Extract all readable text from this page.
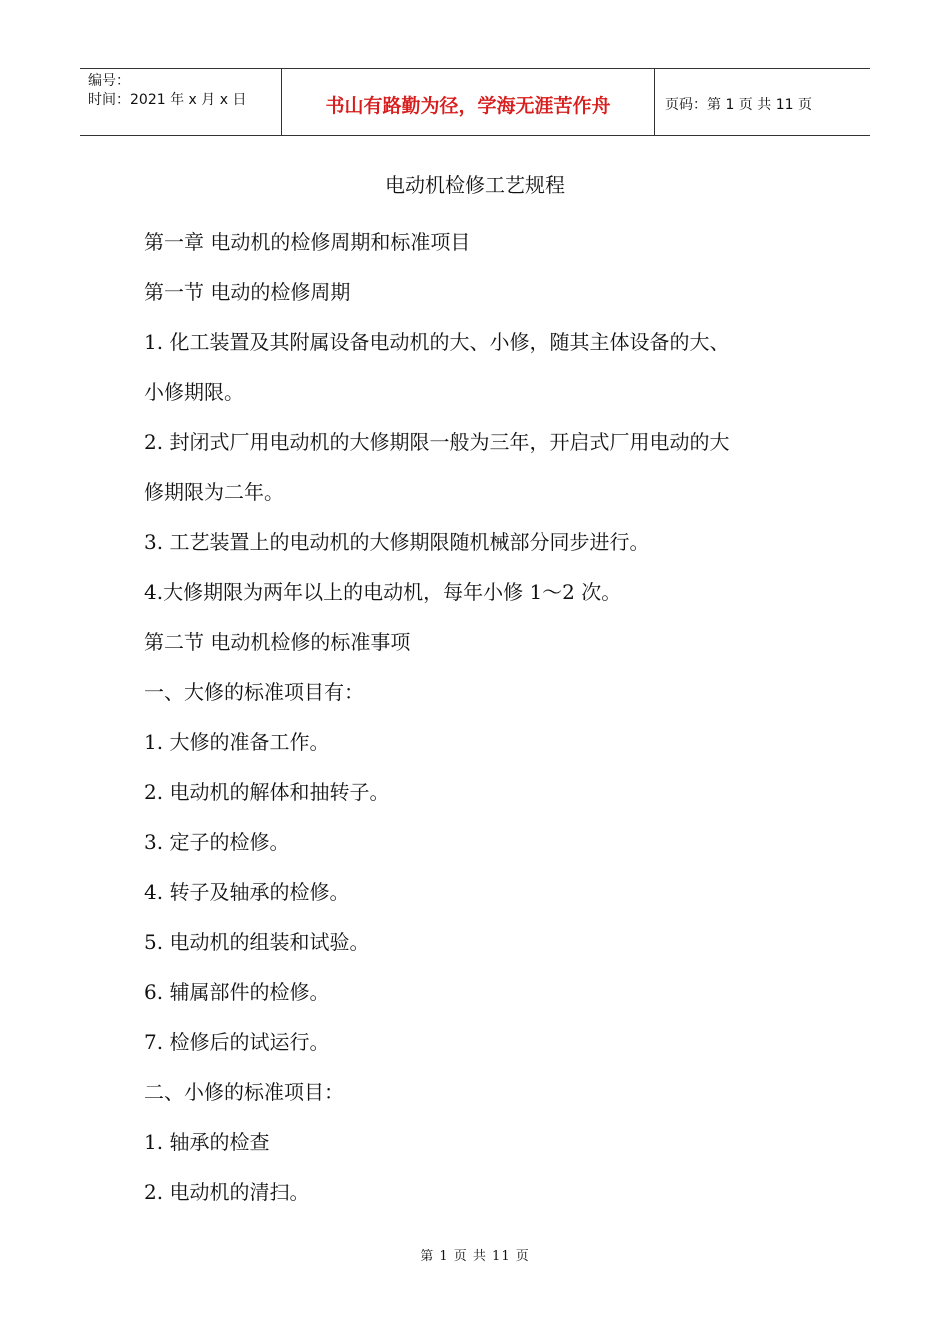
编号：
时间：2021 年 x 月 x 日	书山有路勤为径，学海无涯苦作舟	页码：第 1 页 共 11 页
电动机检修工艺规程
第一章 电动机的检修周期和标准项目
第一节 电动的检修周期
1. 化工装置及其附属设备电动机的大、小修，随其主体设备的大、
小修期限。
2. 封闭式厂用电动机的大修期限一般为三年，开启式厂用电动的大
修期限为二年。
3. 工艺装置上的电动机的大修期限随机械部分同步进行。
4.大修期限为两年以上的电动机，每年小修 1～2 次。
第二节 电动机检修的标准事项
一、大修的标准项目有：
1. 大修的准备工作。
2. 电动机的解体和抽转子。
3. 定子的检修。
4. 转子及轴承的检修。
5. 电动机的组装和试验。
6. 辅属部件的检修。
7. 检修后的试运行。
二、小修的标准项目：
1. 轴承的检查
2. 电动机的清扫。
第 1 页 共 11 页
